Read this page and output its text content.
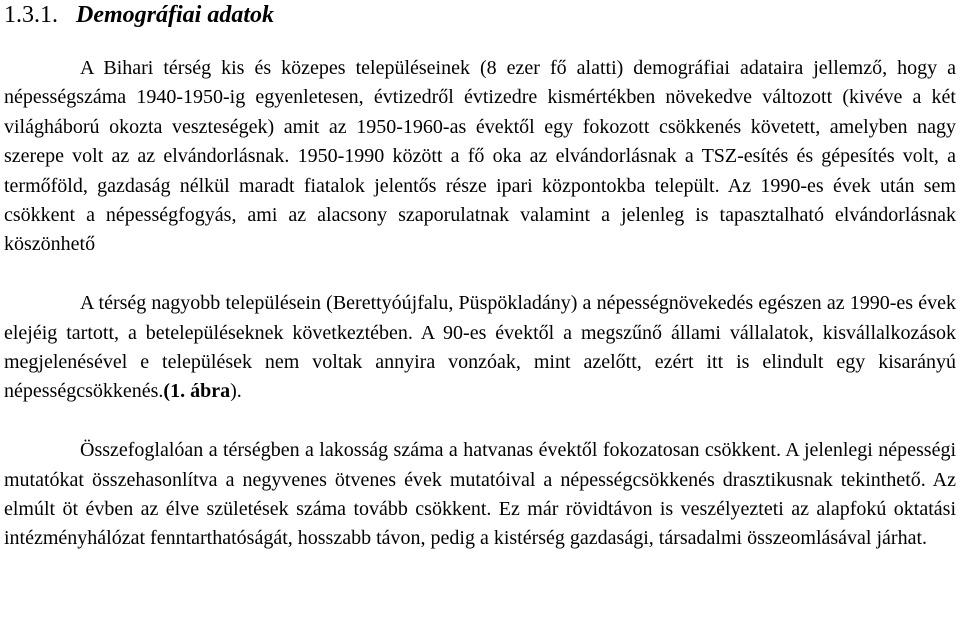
1.3.1. Demográfiai adatok

A Bihari térség kis és közepes településeinek (8 ezer fő alatti) demográfiai adataira jellemző, hogy a népességszáma 1940-1950-ig egyenletesen, évtizedről évtizedre kismértékben növekedve változott (kivéve a két világháború okozta veszteségek) amit az 1950-1960-as évektől egy fokozott csökkenés követett, amelyben nagy szerepe volt az az elvándorlásnak. 1950-1990 között a fő oka az elvándorlásnak a TSZ-esítés és gépesítés volt, a termőföld, gazdaság nélkül maradt fiatalok jelentős része ipari központokba települt. Az 1990-es évek után sem csökkent a népességfogyás, ami az alacsony szaporulatnak valamint a jelenleg is tapasztalható elvándorlásnak köszönhető

A térség nagyobb településein (Berettyóújfalu, Püspökladány) a népességnövekedés egészen az 1990-es évek elejéig tartott, a betelepüléseknek következtében. A 90-es évektől a megszűnő állami vállalatok, kisvállalkozások megjelenésével e települések nem voltak annyira vonzóak, mint azelőtt, ezért itt is elindult egy kisarányú népességcsökkenés.(1. ábra).

Összefoglalóan a térségben a lakosság száma a hatvanas évektől fokozatosan csökkent. A jelenlegi népességi mutatókat összehasonlítva a negyvenes ötvenes évek mutatóival a népességcsökkenés drasztikusnak tekinthető. Az elmúlt öt évben az élve születések száma tovább csökkent. Ez már rövidtávon is veszélyezteti az alapfokú oktatási intézményhálózat fenntarthatóságát, hosszabb távon, pedig a kistérség gazdasági, társadalmi összeomlásával járhat.
